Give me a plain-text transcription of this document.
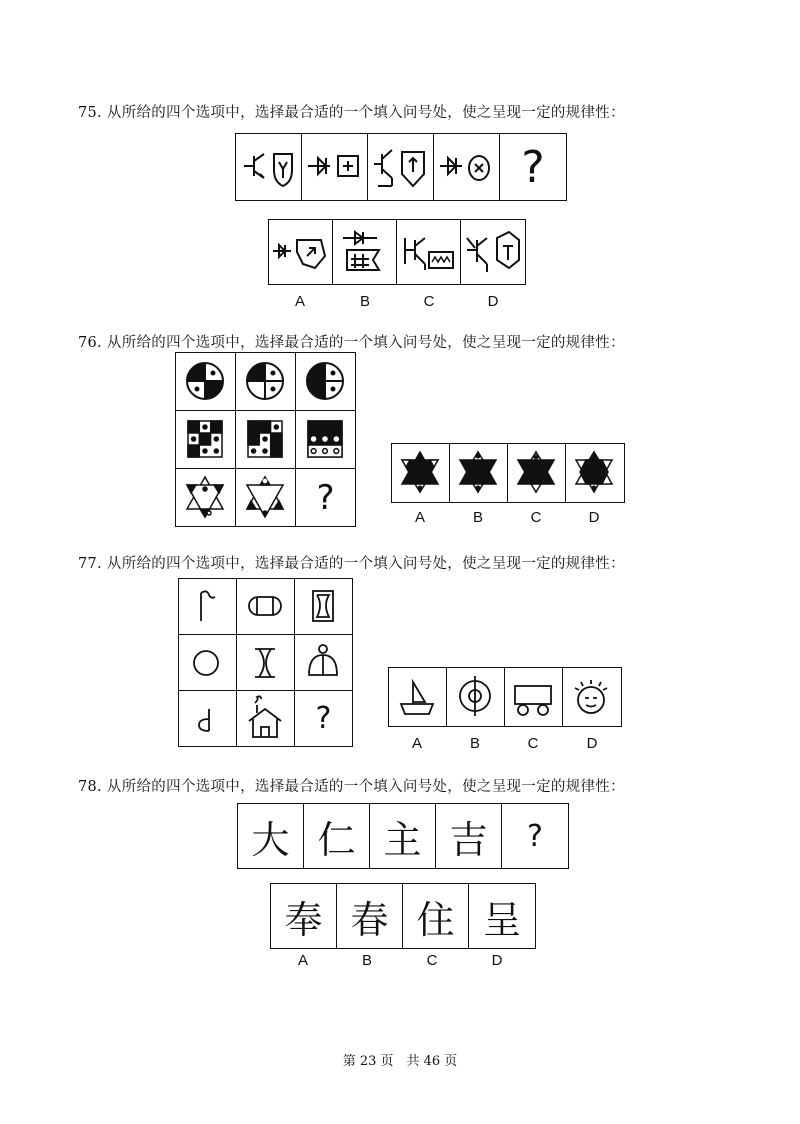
75. 从所给的四个选项中，选择最合适的一个填入问号处，使之呈现一定的规律性：
?
A	B	C	D
76. 从所给的四个选项中，选择最合适的一个填入问号处，使之呈现一定的规律性：
?	A	B	C	D
77. 从所给的四个选项中，选择最合适的一个填入问号处，使之呈现一定的规律性：
?
A	B	C	D
78. 从所给的四个选项中，选择最合适的一个填入问号处，使之呈现一定的规律性：
大 仁 主 吉	?
奉 春 住 呈
A	B	C	D
第 23 页　共 46 页
